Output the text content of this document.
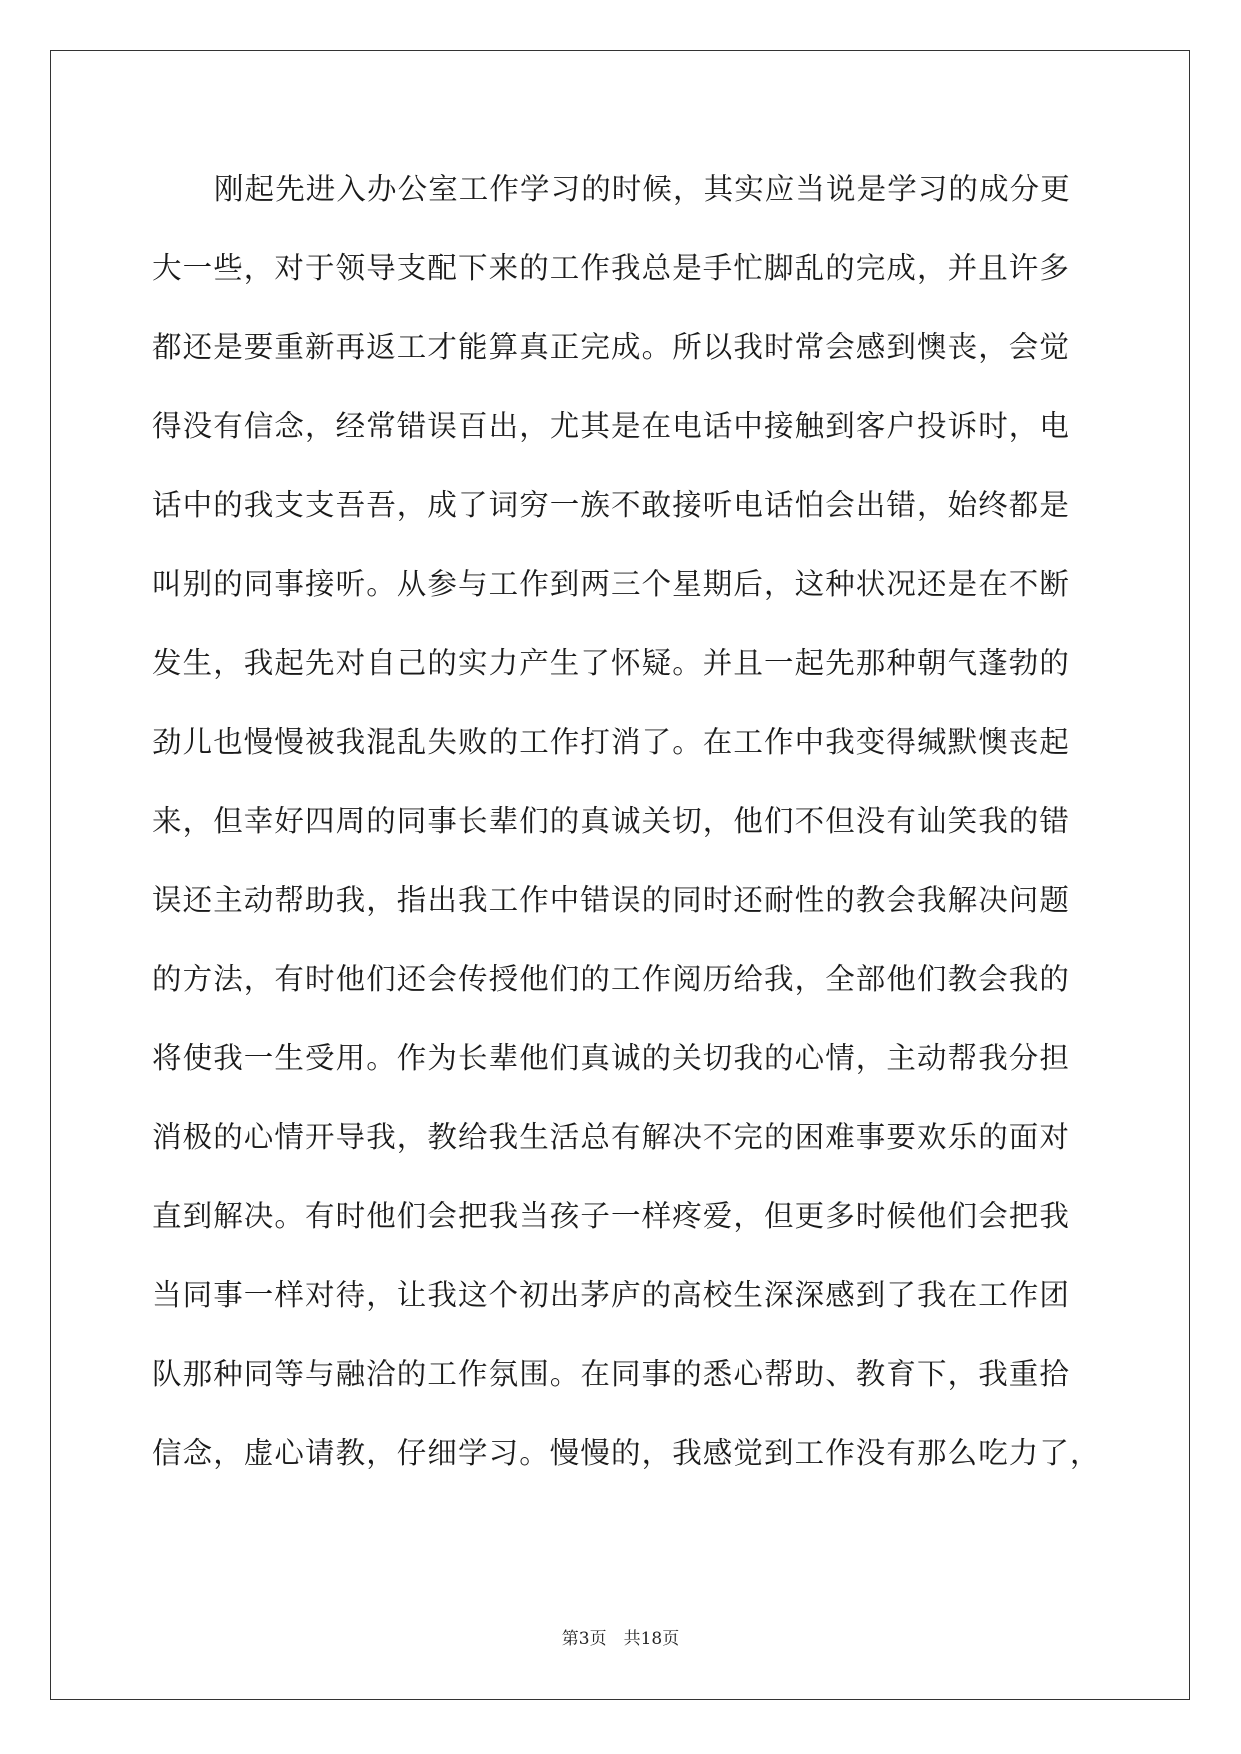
刚起先进入办公室工作学习的时候，其实应当说是学习的成分更
大一些，对于领导支配下来的工作我总是手忙脚乱的完成，并且许多
都还是要重新再返工才能算真正完成。所以我时常会感到懊丧，会觉
得没有信念，经常错误百出，尤其是在电话中接触到客户投诉时，电
话中的我支支吾吾，成了词穷一族不敢接听电话怕会出错，始终都是
叫别的同事接听。从参与工作到两三个星期后，这种状况还是在不断
发生，我起先对自己的实力产生了怀疑。并且一起先那种朝气蓬勃的
劲儿也慢慢被我混乱失败的工作打消了。在工作中我变得缄默懊丧起
来，但幸好四周的同事长辈们的真诚关切，他们不但没有讪笑我的错
误还主动帮助我，指出我工作中错误的同时还耐性的教会我解决问题
的方法，有时他们还会传授他们的工作阅历给我，全部他们教会我的
将使我一生受用。作为长辈他们真诚的关切我的心情，主动帮我分担
消极的心情开导我，教给我生活总有解决不完的困难事要欢乐的面对
直到解决。有时他们会把我当孩子一样疼爱，但更多时候他们会把我
当同事一样对待，让我这个初出茅庐的高校生深深感到了我在工作团
队那种同等与融洽的工作氛围。在同事的悉心帮助、教育下，我重拾
信念，虚心请教，仔细学习。慢慢的，我感觉到工作没有那么吃力了，
第3页　共18页
